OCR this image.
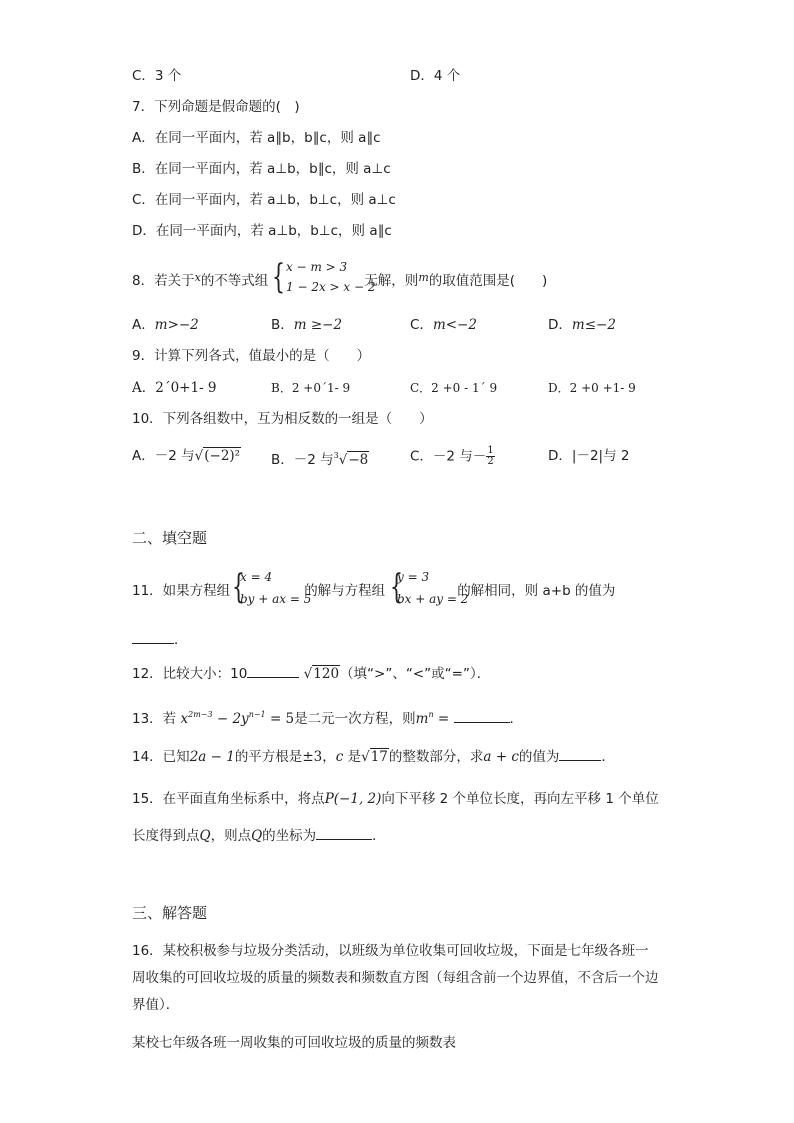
C．3 个	D．4 个
7．下列命题是假命题的(　)
A．在同一平面内，若 a∥b，b∥c，则 a∥c
B．在同一平面内，若 a⊥b，b∥c，则 a⊥c
C．在同一平面内，若 a⊥b，b⊥c，则 a⊥c
D．在同一平面内，若 a⊥b，b⊥c，则 a∥c
8．若关于$^x$的不等式组	无解，则$^m$的取值范围是(　　)
{ x − m > 3
1 − 2x > x − 2
A．m>−2	B．m ≥−2	C．m<−2	D．m≤−2
9．计算下列各式，值最小的是（　　）
A．2´0+1- 9	B．2 +0´1- 9	C．2 +0 - 1´ 9	D．2 +0 +1- 9
10．下列各组数中，互为相反数的一组是（　　）
A．－2 与√(−2)² B．－2 与$^3$√−8	C．－2 与－ $\frac{1}{2}$	D．|－2|与 2
二、填空题
11．如果方程组	的解与方程组	的解相同，则 a+b 的值为
{
x = 4
by + ax = 5 {
y = 3
bx + ay = 2
．
12．比较大小：10	√120（填“>”、“<”或“=”）．
13．若 $x^{2m-3} - 2y^{n-1} = 5$是二元一次方程，则$m^n$ =	．
14．已知2a − 1的平方根是±3，c 是√17的整数部分，求a + c的值为	．
15．在平面直角坐标系中，将点P(−1, 2)向下平移 2 个单位长度，再向左平移 1 个单位
长度得到点Q，则点Q的坐标为	．
三、解答题
16．某校积极参与垃圾分类活动，以班级为单位收集可回收垃圾，下面是七年级各班一周收集的可回收垃圾的质量的频数表和频数直方图（每组含前一个边界值，不含后一个边界值）．
某校七年级各班一周收集的可回收垃圾的质量的频数表
